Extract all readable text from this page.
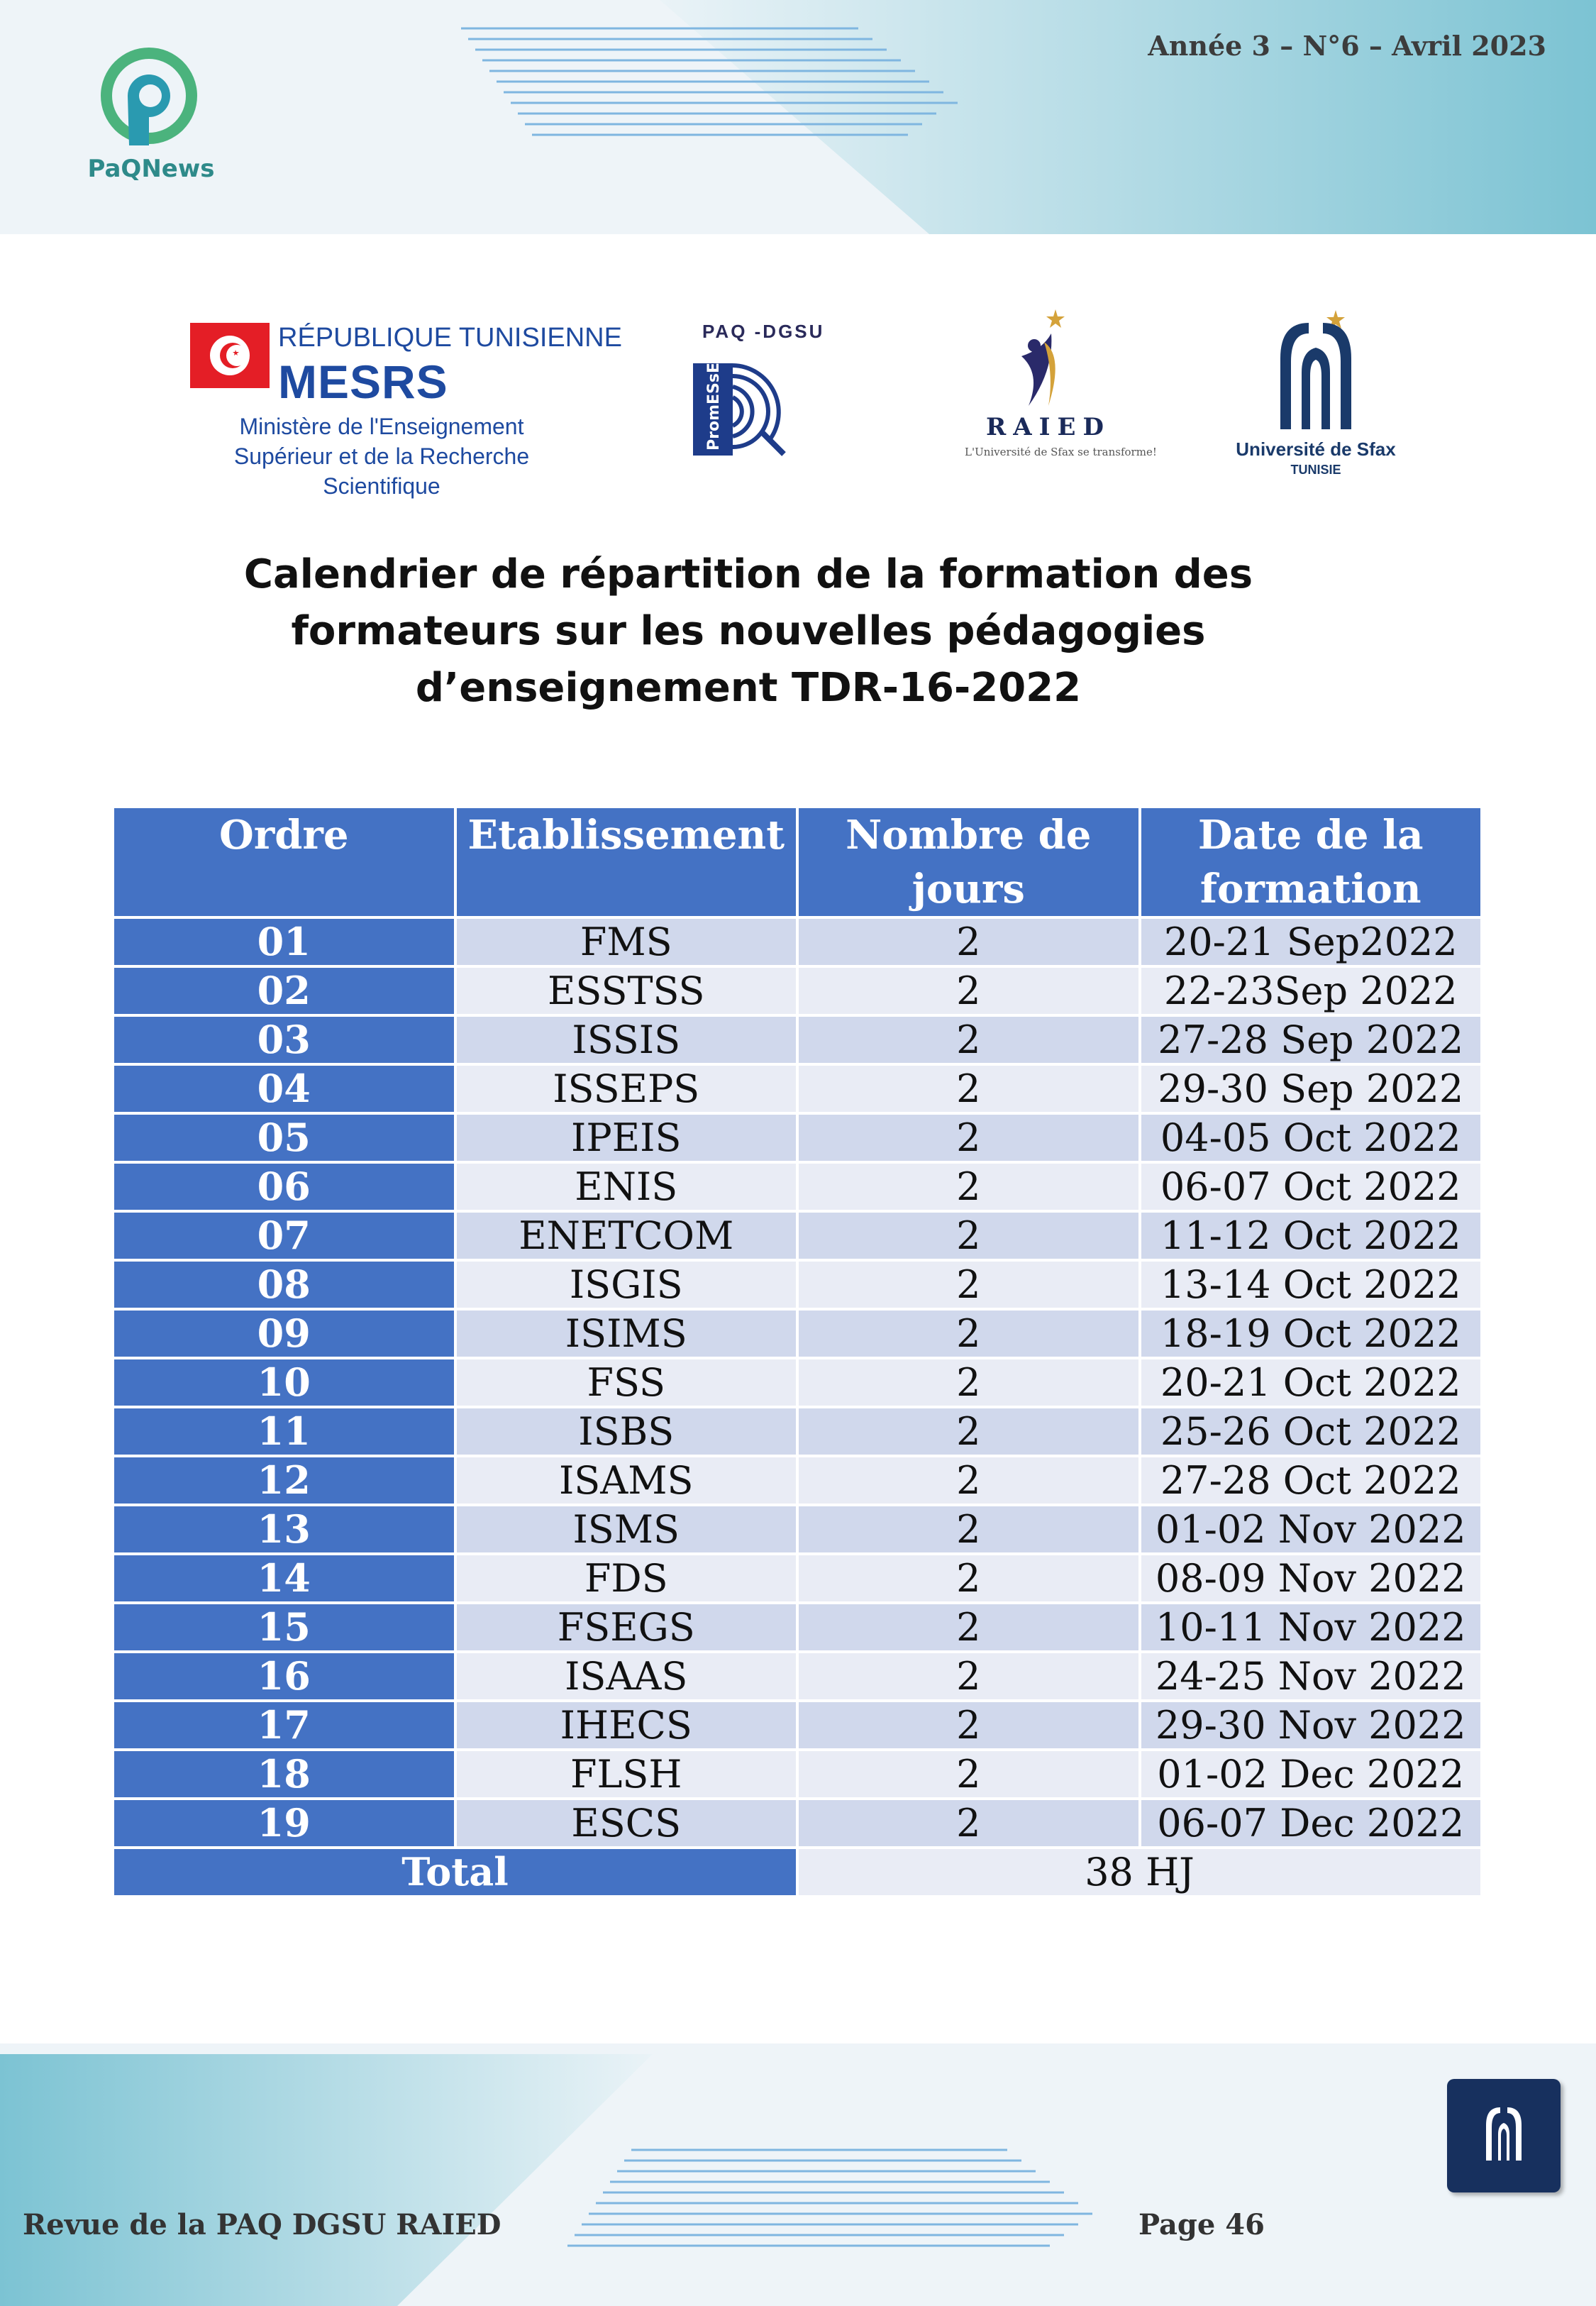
PaQNews
Année 3 – N°6 – Avril 2023
RÉPUBLIQUE TUNISIENNE
MESRS
Ministère de l'Enseignement Supérieur et de la Recherche Scientifique
PAQ -DGSU
PromESsE	RAIED
L'Université de Sfax se transforme!	Université de Sfax
TUNISIE
Calendrier de répartition de la formation des formateurs sur les nouvelles pédagogies d’enseignement TDR-16-2022
Ordre	Etablissement	Nombre de jours	Date de la formation
01	FMS	2	20-21 Sep2022
02	ESSTSS	2	22-23Sep 2022
03	ISSIS	2	27-28 Sep 2022
04	ISSEPS	2	29-30 Sep 2022
05	IPEIS	2	04-05 Oct 2022
06	ENIS	2	06-07 Oct 2022
07	ENETCOM	2	11-12 Oct 2022
08	ISGIS	2	13-14 Oct 2022
09	ISIMS	2	18-19 Oct 2022
10	FSS	2	20-21 Oct 2022
11	ISBS	2	25-26 Oct 2022
12	ISAMS	2	27-28 Oct 2022
13	ISMS	2	01-02 Nov 2022
14	FDS	2	08-09 Nov 2022
15	FSEGS	2	10-11 Nov 2022
16	ISAAS	2	24-25 Nov 2022
17	IHECS	2	29-30 Nov 2022
18	FLSH	2	01-02 Dec 2022
19	ESCS	2	06-07 Dec 2022
Total		38 HJ	
Revue de la PAQ DGSU RAIED	Page 46
